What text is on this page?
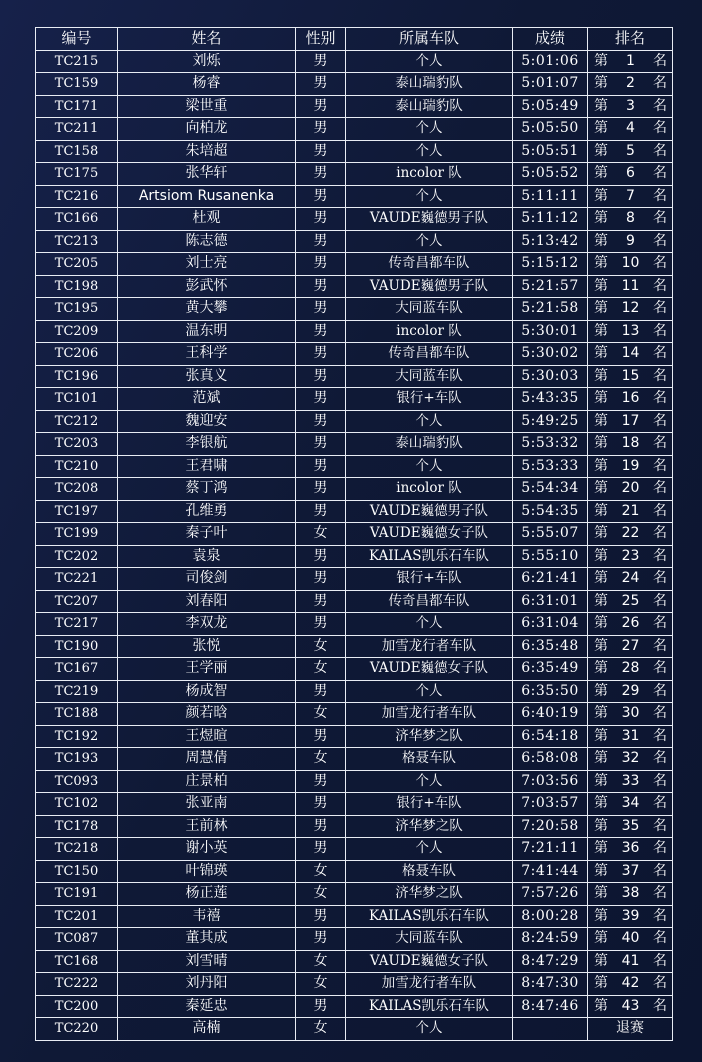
编号	姓名	性别	所属车队	成绩	排名
TC215	刘烁	男	个人	5:01:06	第 1 名

TC159	杨睿	男	泰山瑞豹队	5:01:07	第 2 名

TC171	梁世重	男	泰山瑞豹队	5:05:49	第 3 名

TC211	向柏龙	男	个人	5:05:50	第 4 名

TC158	朱培超	男	个人	5:05:51	第 5 名

TC175	张华轩	男	incolor 队	5:05:52	第 6 名

TC216	Artsiom Rusanenka	男	个人	5:11:11	第 7 名

TC166	杜观	男	VAUDE巍德男子队	5:11:12	第 8 名

TC213	陈志德	男	个人	5:13:42	第 9 名

TC205	刘士亮	男	传奇昌都车队	5:15:12	第 10 名

TC198	彭武怀	男	VAUDE巍德男子队	5:21:57	第 11 名

TC195	黄大攀	男	大同蓝车队	5:21:58	第 12 名

TC209	温东明	男	incolor 队	5:30:01	第 13 名

TC206	王科学	男	传奇昌都车队	5:30:02	第 14 名

TC196	张真义	男	大同蓝车队	5:30:03	第 15 名

TC101	范斌	男	银行+车队	5:43:35	第 16 名

TC212	魏迎安	男	个人	5:49:25	第 17 名

TC203	李银航	男	泰山瑞豹队	5:53:32	第 18 名

TC210	王君啸	男	个人	5:53:33	第 19 名

TC208	蔡丁鸿	男	incolor 队	5:54:34	第 20 名

TC197	孔维勇	男	VAUDE巍德男子队	5:54:35	第 21 名

TC199	秦子叶	女	VAUDE巍德女子队	5:55:07	第 22 名

TC202	袁泉	男	KAILAS凯乐石车队	5:55:10	第 23 名

TC221	司俊剑	男	银行+车队	6:21:41	第 24 名

TC207	刘春阳	男	传奇昌都车队	6:31:01	第 25 名

TC217	李双龙	男	个人	6:31:04	第 26 名

TC190	张悦	女	加雪龙行者车队	6:35:48	第 27 名

TC167	王学丽	女	VAUDE巍德女子队	6:35:49	第 28 名

TC219	杨成智	男	个人	6:35:50	第 29 名

TC188	颜若晗	女	加雪龙行者车队	6:40:19	第 30 名

TC192	王煜暄	男	济华梦之队	6:54:18	第 31 名

TC193	周慧倩	女	格聂车队	6:58:08	第 32 名

TC093	庄景柏	男	个人	7:03:56	第 33 名

TC102	张亚南	男	银行+车队	7:03:57	第 34 名

TC178	王前林	男	济华梦之队	7:20:58	第 35 名

TC218	谢小英	男	个人	7:21:11	第 36 名

TC150	叶锦瑛	女	格聂车队	7:41:44	第 37 名

TC191	杨正莲	女	济华梦之队	7:57:26	第 38 名

TC201	韦禧	男	KAILAS凯乐石车队	8:00:28	第 39 名

TC087	董其成	男	大同蓝车队	8:24:59	第 40 名

TC168	刘雪晴	女	VAUDE巍德女子队	8:47:29	第 41 名

TC222	刘丹阳	女	加雪龙行者车队	8:47:30	第 42 名

TC200	秦延忠	男	KAILAS凯乐石车队	8:47:46	第 43 名

TC220	高楠	女	个人		退赛
